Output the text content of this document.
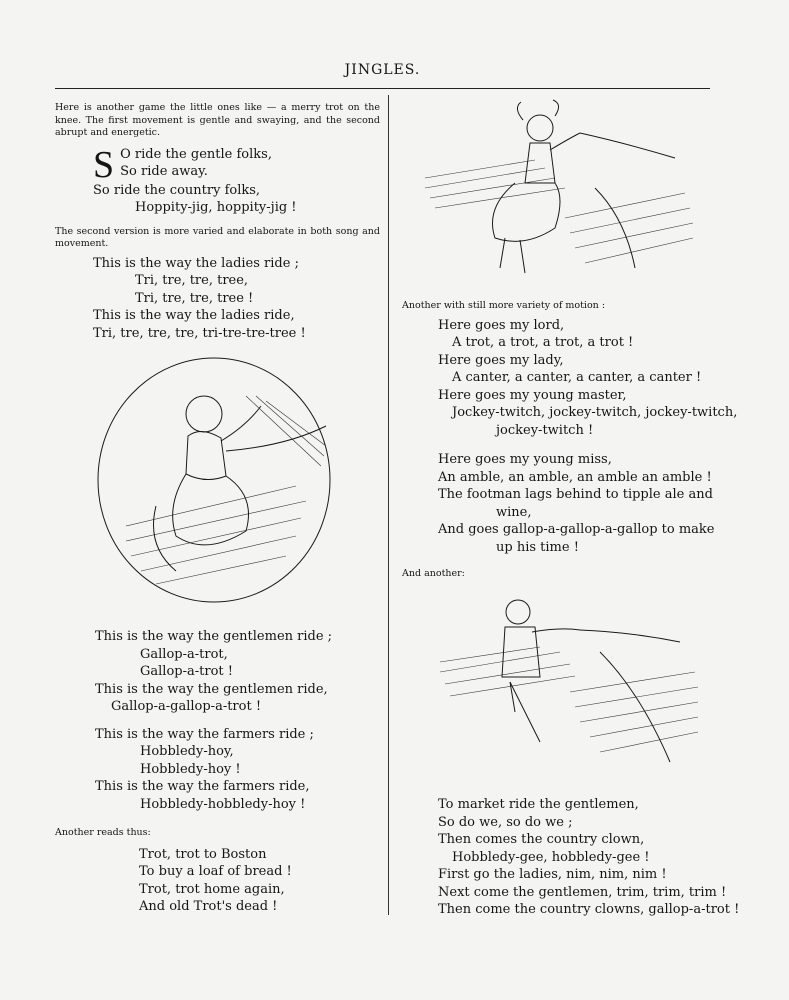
JINGLES.

Here is another game the little ones like — a merry trot on the knee. The first movement is gentle and swaying, and the second abrupt and energetic.

S O ride the gentle folks,
So ride away.
So ride the country folks,
Hoppity-jig, hoppity-jig !

The second version is more varied and elaborate in both song and movement.

This is the way the ladies ride ;
Tri, tre, tre, tree,
Tri, tre, tre, tree !
This is the way the ladies ride,
Tri, tre, tre, tre, tri-tre-tre-tree !
This is the way the gentlemen ride ;
Gallop-a-trot,
Gallop-a-trot !
This is the way the gentlemen ride,
Gallop-a-gallop-a-trot !
This is the way the farmers ride ;
Hobbledy-hoy,
Hobbledy-hoy !
This is the way the farmers ride,
Hobbledy-hobbledy-hoy !

Another reads thus:

Trot, trot to Boston
To buy a loaf of bread !
Trot, trot home again,
And old Trot's dead !

Another with still more variety of motion :

Here goes my lord,
A trot, a trot, a trot, a trot !
Here goes my lady,
A canter, a canter, a canter, a canter !
Here goes my young master,
Jockey-twitch, jockey-twitch, jockey-twitch,
jockey-twitch !
Here goes my young miss,
An amble, an amble, an amble an amble !
The footman lags behind to tipple ale and
wine,
And goes gallop-a-gallop-a-gallop to make
up his time !

And another:

To market ride the gentlemen,
So do we, so do we ;
Then comes the country clown,
Hobbledy-gee, hobbledy-gee !
First go the ladies, nim, nim, nim !
Next come the gentlemen, trim, trim, trim !
Then come the country clowns, gallop-a-trot !
